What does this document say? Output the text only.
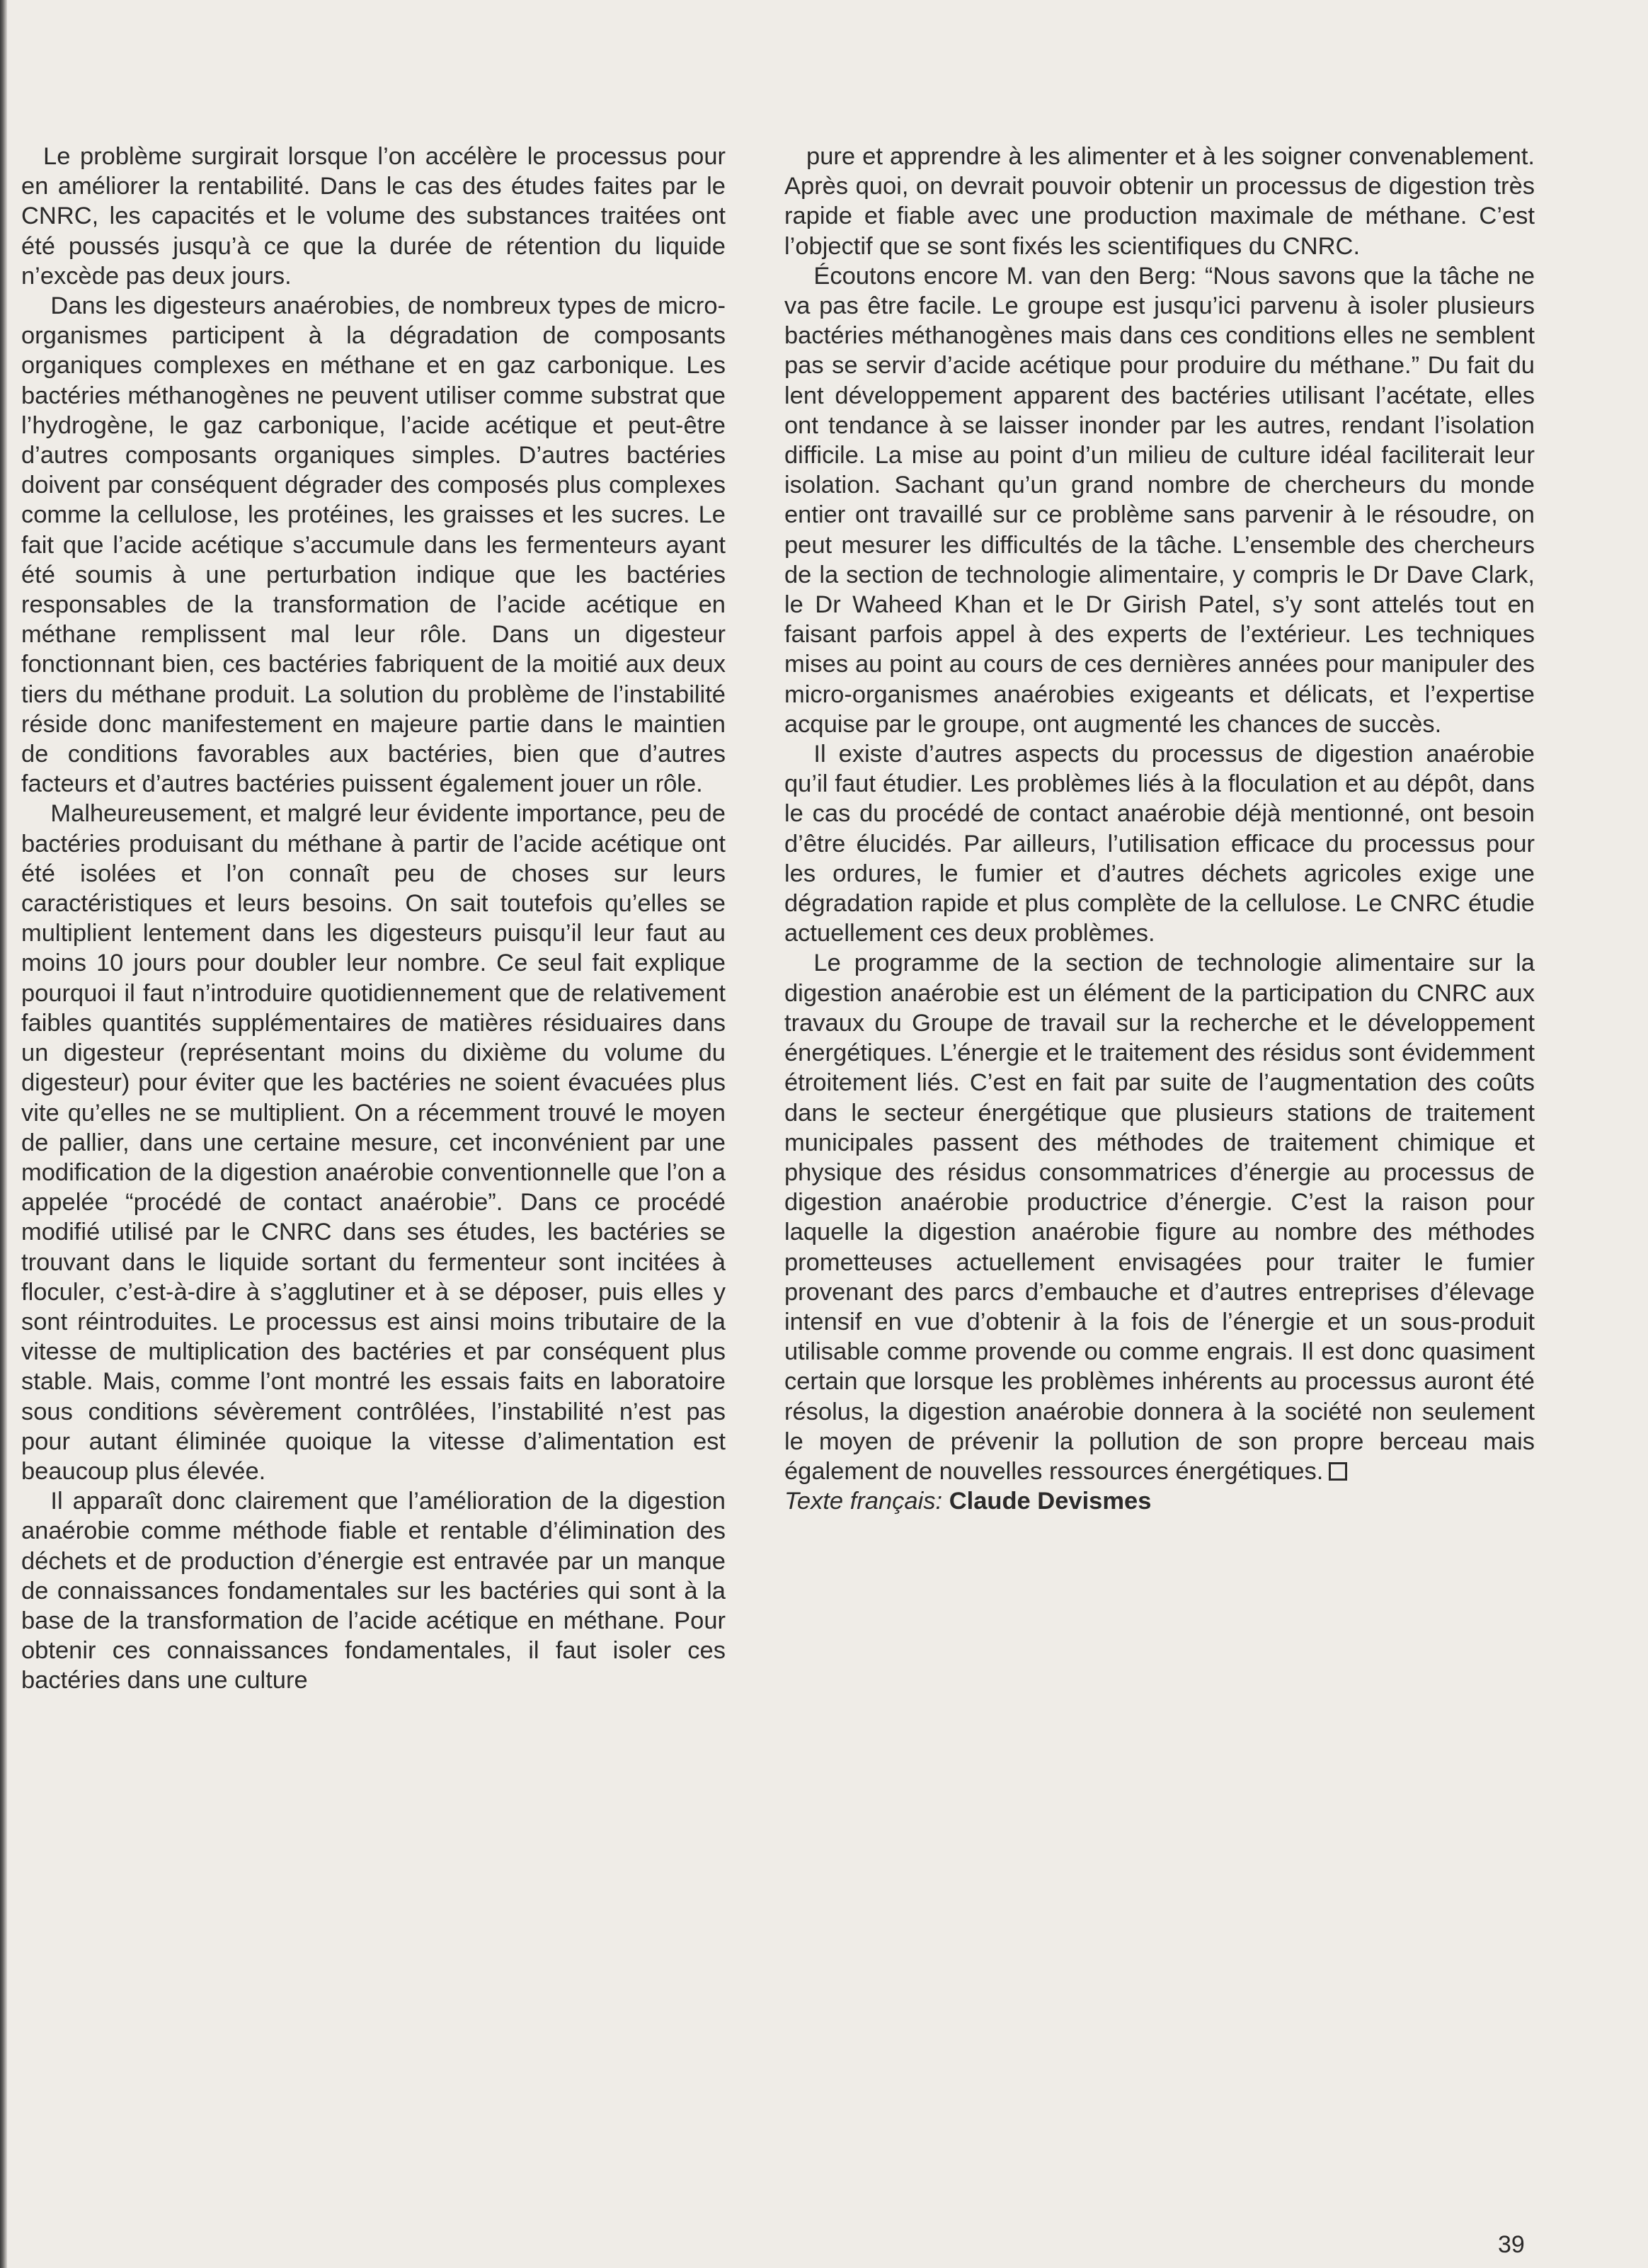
Le problème surgirait lorsque l’on accélère le processus pour en améliorer la rentabilité. Dans le cas des études faites par le CNRC, les capacités et le volume des substances traitées ont été poussés jusqu’à ce que la durée de rétention du liquide n’excède pas deux jours.

Dans les digesteurs anaérobies, de nombreux types de micro-organismes participent à la dégradation de composants organiques complexes en méthane et en gaz carbonique. Les bactéries méthanogènes ne peuvent utiliser comme substrat que l’hydrogène, le gaz carbonique, l’acide acétique et peut-être d’autres composants organiques simples. D’autres bactéries doivent par conséquent dégrader des composés plus complexes comme la cellulose, les protéines, les graisses et les sucres. Le fait que l’acide acétique s’accumule dans les fermenteurs ayant été soumis à une perturbation indique que les bactéries responsables de la transformation de l’acide acétique en méthane remplissent mal leur rôle. Dans un digesteur fonctionnant bien, ces bactéries fabriquent de la moitié aux deux tiers du méthane produit. La solution du problème de l’instabilité réside donc manifestement en majeure partie dans le maintien de conditions favorables aux bactéries, bien que d’autres facteurs et d’autres bactéries puissent également jouer un rôle.

Malheureusement, et malgré leur évidente importance, peu de bactéries produisant du méthane à partir de l’acide acétique ont été isolées et l’on connaît peu de choses sur leurs caractéristiques et leurs besoins. On sait toutefois qu’elles se multiplient lentement dans les digesteurs puisqu’il leur faut au moins 10 jours pour doubler leur nombre. Ce seul fait explique pourquoi il faut n’introduire quotidiennement que de relativement faibles quantités supplémentaires de matières résiduaires dans un digesteur (représentant moins du dixième du volume du digesteur) pour éviter que les bactéries ne soient évacuées plus vite qu’elles ne se multiplient. On a récemment trouvé le moyen de pallier, dans une certaine mesure, cet inconvénient par une modification de la digestion anaérobie conventionnelle que l’on a appelée “procédé de contact anaérobie”. Dans ce procédé modifié utilisé par le CNRC dans ses études, les bactéries se trouvant dans le liquide sortant du fermenteur sont incitées à floculer, c’est-à-dire à s’agglutiner et à se déposer, puis elles y sont réintroduites. Le processus est ainsi moins tributaire de la vitesse de multiplication des bactéries et par conséquent plus stable. Mais, comme l’ont montré les essais faits en laboratoire sous conditions sévèrement contrôlées, l’instabilité n’est pas pour autant éliminée quoique la vitesse d’alimentation est beaucoup plus élevée.

Il apparaît donc clairement que l’amélioration de la digestion anaérobie comme méthode fiable et rentable d’élimination des déchets et de production d’énergie est entravée par un manque de connaissances fondamentales sur les bactéries qui sont à la base de la transformation de l’acide acétique en méthane. Pour obtenir ces connaissances fondamentales, il faut isoler ces bactéries dans une culture

pure et apprendre à les alimenter et à les soigner convenablement. Après quoi, on devrait pouvoir obtenir un processus de digestion très rapide et fiable avec une production maximale de méthane. C’est l’objectif que se sont fixés les scientifiques du CNRC.

Écoutons encore M. van den Berg: “Nous savons que la tâche ne va pas être facile. Le groupe est jusqu’ici parvenu à isoler plusieurs bactéries méthanogènes mais dans ces conditions elles ne semblent pas se servir d’acide acétique pour produire du méthane.” Du fait du lent développement apparent des bactéries utilisant l’acétate, elles ont tendance à se laisser inonder par les autres, rendant l’isolation difficile. La mise au point d’un milieu de culture idéal faciliterait leur isolation. Sachant qu’un grand nombre de chercheurs du monde entier ont travaillé sur ce problème sans parvenir à le résoudre, on peut mesurer les difficultés de la tâche. L’ensemble des chercheurs de la section de technologie alimentaire, y compris le Dr Dave Clark, le Dr Waheed Khan et le Dr Girish Patel, s’y sont attelés tout en faisant parfois appel à des experts de l’extérieur. Les techniques mises au point au cours de ces dernières années pour manipuler des micro-organismes anaérobies exigeants et délicats, et l’expertise acquise par le groupe, ont augmenté les chances de succès.

Il existe d’autres aspects du processus de digestion anaérobie qu’il faut étudier. Les problèmes liés à la floculation et au dépôt, dans le cas du procédé de contact anaérobie déjà mentionné, ont besoin d’être élucidés. Par ailleurs, l’utilisation efficace du processus pour les ordures, le fumier et d’autres déchets agricoles exige une dégradation rapide et plus complète de la cellulose. Le CNRC étudie actuellement ces deux problèmes.

Le programme de la section de technologie alimentaire sur la digestion anaérobie est un élément de la participation du CNRC aux travaux du Groupe de travail sur la recherche et le développement énergétiques. L’énergie et le traitement des résidus sont évidemment étroitement liés. C’est en fait par suite de l’augmentation des coûts dans le secteur énergétique que plusieurs stations de traitement municipales passent des méthodes de traitement chimique et physique des résidus consommatrices d’énergie au processus de digestion anaérobie productrice d’énergie. C’est la raison pour laquelle la digestion anaérobie figure au nombre des méthodes prometteuses actuellement envisagées pour traiter le fumier provenant des parcs d’embauche et d’autres entreprises d’élevage intensif en vue d’obtenir à la fois de l’énergie et un sous-produit utilisable comme provende ou comme engrais. Il est donc quasiment certain que lorsque les problèmes inhérents au processus auront été résolus, la digestion anaérobie donnera à la société non seulement le moyen de prévenir la pollution de son propre berceau mais également de nouvelles ressources énergétiques.

Texte français: Claude Devismes
39
